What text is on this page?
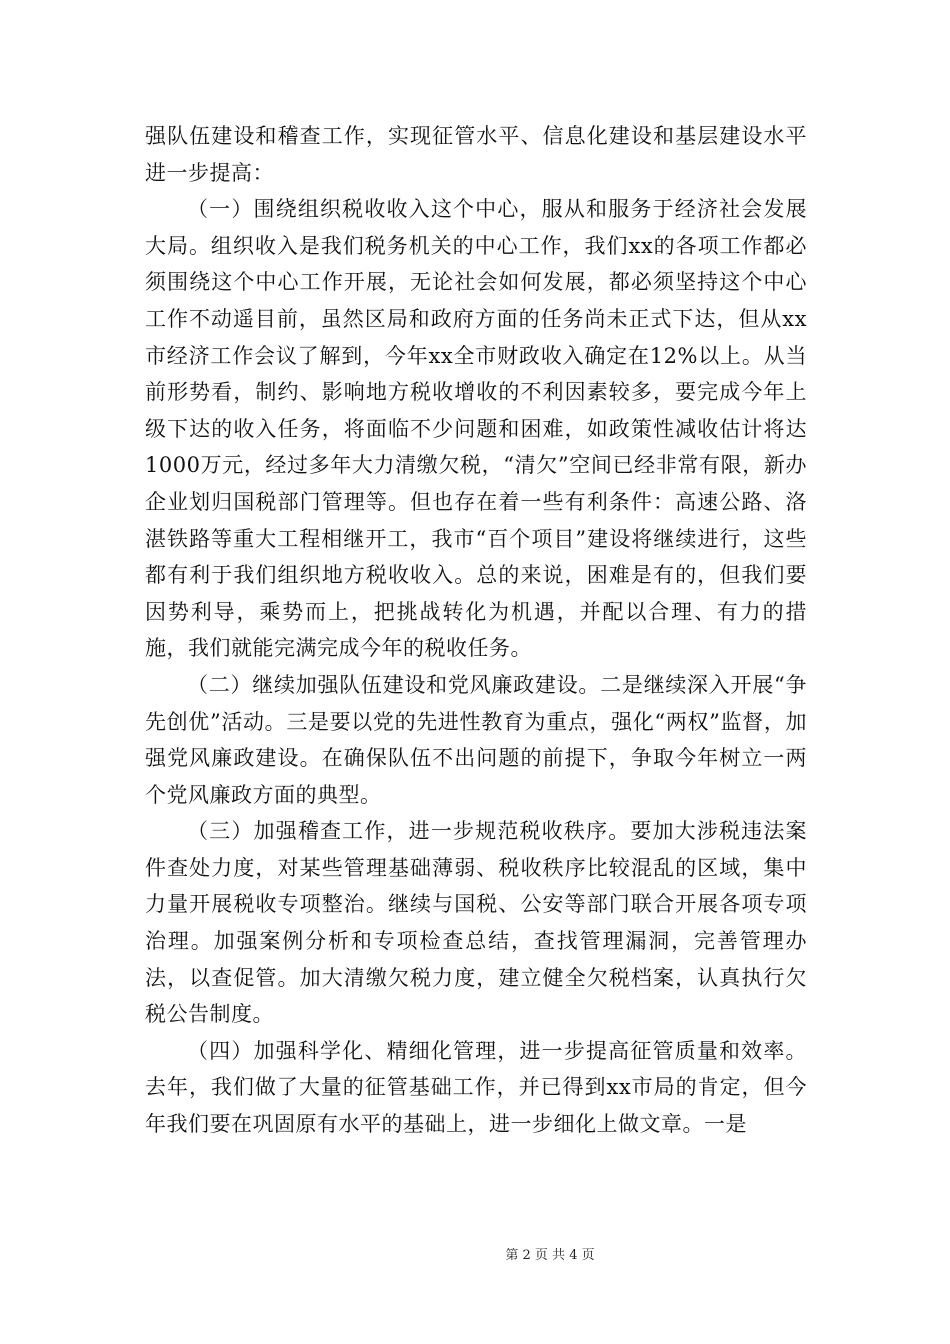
强队伍建设和稽查工作，实现征管水平、信息化建设和基层建设水平进一步提高：

（一）围绕组织税收收入这个中心，服从和服务于经济社会发展大局。组织收入是我们税务机关的中心工作，我们xx的各项工作都必须围绕这个中心工作开展，无论社会如何发展，都必须坚持这个中心工作不动遥目前，虽然区局和政府方面的任务尚未正式下达，但从xx市经济工作会议了解到，今年xx全市财政收入确定在12%以上。从当前形势看，制约、影响地方税收增收的不利因素较多，要完成今年上级下达的收入任务，将面临不少问题和困难，如政策性减收估计将达1000万元，经过多年大力清缴欠税，“清欠”空间已经非常有限，新办企业划归国税部门管理等。但也存在着一些有利条件：高速公路、洛湛铁路等重大工程相继开工，我市“百个项目”建设将继续进行，这些都有利于我们组织地方税收收入。总的来说，困难是有的，但我们要因势利导，乘势而上，把挑战转化为机遇，并配以合理、有力的措施，我们就能完满完成今年的税收任务。

（二）继续加强队伍建设和党风廉政建设。二是继续深入开展“争先创优”活动。三是要以党的先进性教育为重点，强化“两权”监督，加强党风廉政建设。在确保队伍不出问题的前提下，争取今年树立一两个党风廉政方面的典型。

（三）加强稽查工作，进一步规范税收秩序。要加大涉税违法案件查处力度，对某些管理基础薄弱、税收秩序比较混乱的区域，集中力量开展税收专项整治。继续与国税、公安等部门联合开展各项专项治理。加强案例分析和专项检查总结，查找管理漏洞，完善管理办法，以查促管。加大清缴欠税力度，建立健全欠税档案，认真执行欠税公告制度。

（四）加强科学化、精细化管理，进一步提高征管质量和效率。去年，我们做了大量的征管基础工作，并已得到xx市局的肯定，但今年我们要在巩固原有水平的基础上，进一步细化上做文章。一是

第 2 页 共 4 页
